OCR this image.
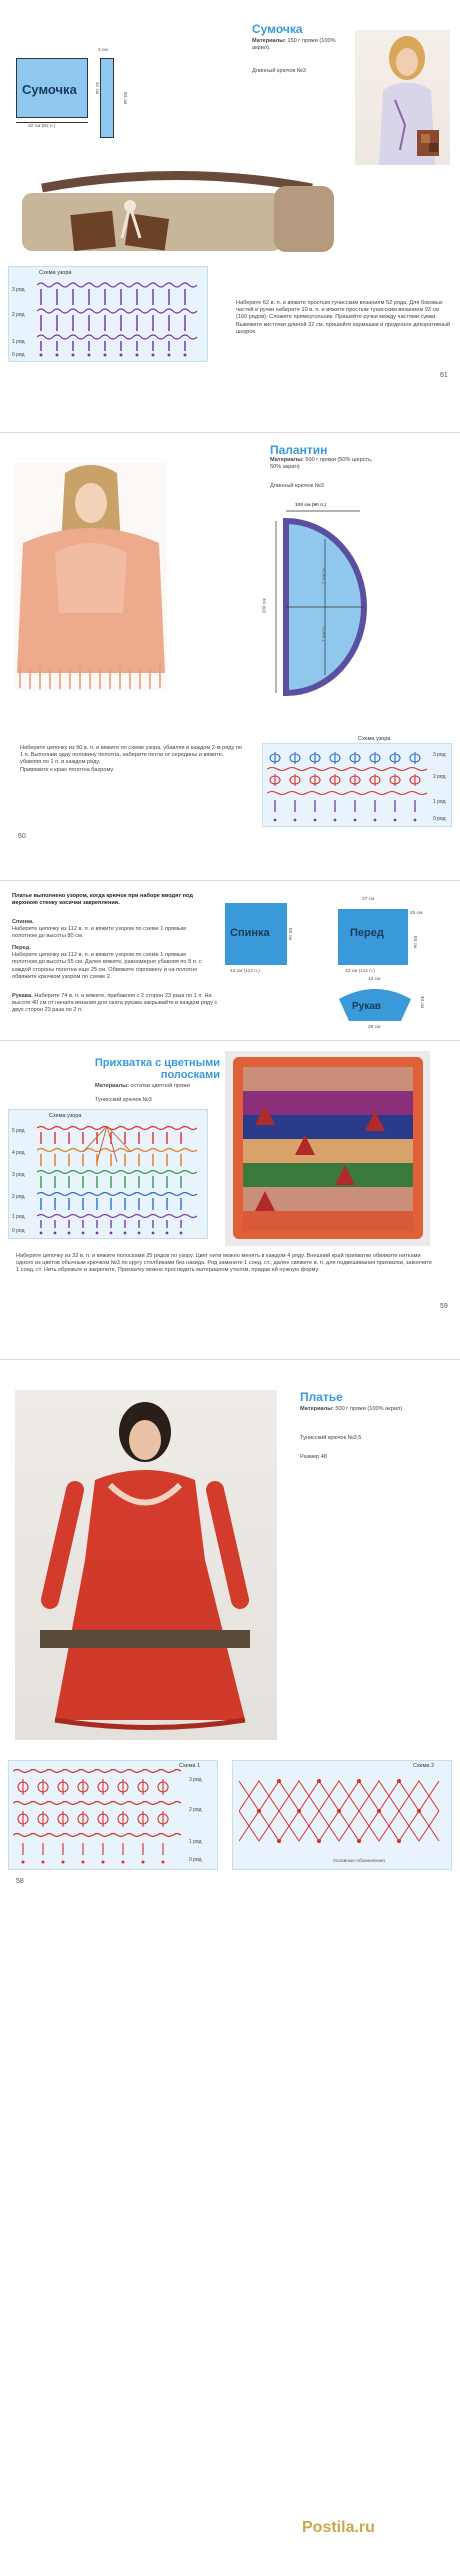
Сумочка
3 см
93 см
31 см
32 см (62 п.)
Сумочка
Материалы: 150 г пряжи (100% акрил).
Длинный крючок №3
Схема узора
3 ряд
2 ряд
1 ряд
0 ряд
Наберите 62 в. п. и вяжите простым тунисским вязанием 52 ряда. Для боковых частей и ручки наберите 10 в. п. и вяжите простым тунисским вязанием 93 см (160 рядов). Сложите прямоугольник. Пришейте ручки между частями сумки. Вывяжите кисточки длиной 32 см, пришейте кармашки и проденьте декоративный шнурок.
61
Палантин
Материалы: 500 г пряжи (50% шерсть, 50% акрил)
Длинный крючок №3
100 см (90 п.)
200 см
2 часть
1 часть
Схема узора
3 ряд
2 ряд
1 ряд
0 ряд
Наберите цепочку из 90 в. п. и вяжите по схеме узора, убавляя в каждом 2-м ряду по 1 п. Выполнив одну половину полотна, наберите петли от середины и вяжите, убавляя по 1 п. в каждом ряду.
Привяжите к краю полотна бахрому.
60
Платье выполнено узором, когда крючок при наборе вводят под верхнюю стенку косички закрепления.
Спинка.
Наберите цепочку из 112 в. п. и вяжите узором по схеме 1 прямым полотном до высоты 80 см.
Перед.
Наберите цепочку из 112 в. п. и вяжите узором по схеме 1 прямым полотном до высоты 55 см. Далее вяжите, равномерно убавляя по 8 п. с каждой стороны полотна еще 25 см. Обвяжите горловину и на полотно обвяжите крючком узором по схеме 2.
Рукава. Наберите 74 в. п. и вяжите, прибавляя с 2 сторон 23 раза по 1 п. На высоте 40 см от начала вязания для оката рукава закрывайте в каждом ряду с двух сторон 23 раза по 2 п.
Спинка
43 см (112 п.)
80 см	Перед
27 см
25 см
43 см (112 п.)
80 см
Рукав
12 см
28 см
40 см
Прихватка с цветными полосками
Материалы: остатки цветной пряжи
Тунисский крючок №3
Схема узора
5 ряд
4 ряд
3 ряд
2 ряд
1 ряд
0 ряд
Наберите цепочку из 32 в. п. и вяжите полосками 25 рядов по узору. Цвет нити можно менять в каждом 4 ряду. Внешний край прихватки обвяжите нитками одного из цветов обычным крючком №3 по кругу столбиками без накида. Ряд замкните 1 соед. ст., далее свяжите в. п. для подвешивания прихватки, закончите 1 соед. ст. Нить обрежьте и закрепите. Прихватку можно проследить материалом утюгом, придав ей нужную форму.
59
Платье
Материалы: 500 г пряжи (100% акрил)
Тунисский крючок №3,5
Размер 48
Схема 1
3 ряд
2 ряд
1 ряд
0 ряд
Схема 2
Условные обозначения
58
Postila.ru
